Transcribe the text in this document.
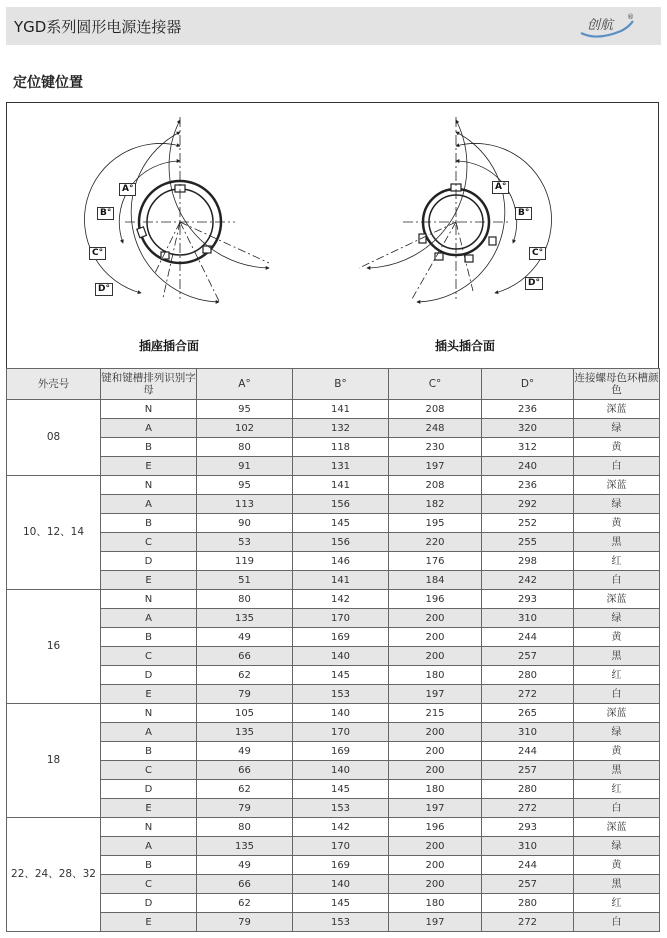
YGD系列圆形电源连接器	创航
®
定位键位置
A°
B°
C°
D°
A°
B°
C°
D°
插座插合面	插头插合面
外壳号	键和键槽排列识别字母	A°	B°	C°	D°	连接螺母色环槽颜色
08	N	95	141	208	236	深蓝
	A	102	132	248	320	绿
	B	80	118	230	312	黄
	E	91	131	197	240	白
10、12、14	N	95	141	208	236	深蓝
	A	113	156	182	292	绿
	B	90	145	195	252	黄
	C	53	156	220	255	黑
	D	119	146	176	298	红
	E	51	141	184	242	白
16	N	80	142	196	293	深蓝
	A	135	170	200	310	绿
	B	49	169	200	244	黄
	C	66	140	200	257	黑
	D	62	145	180	280	红
	E	79	153	197	272	白
18	N	105	140	215	265	深蓝
	A	135	170	200	310	绿
	B	49	169	200	244	黄
	C	66	140	200	257	黑
	D	62	145	180	280	红
	E	79	153	197	272	白
22、24、28、32	N	80	142	196	293	深蓝
	A	135	170	200	310	绿
	B	49	169	200	244	黄
	C	66	140	200	257	黑
	D	62	145	180	280	红
	E	79	153	197	272	白
